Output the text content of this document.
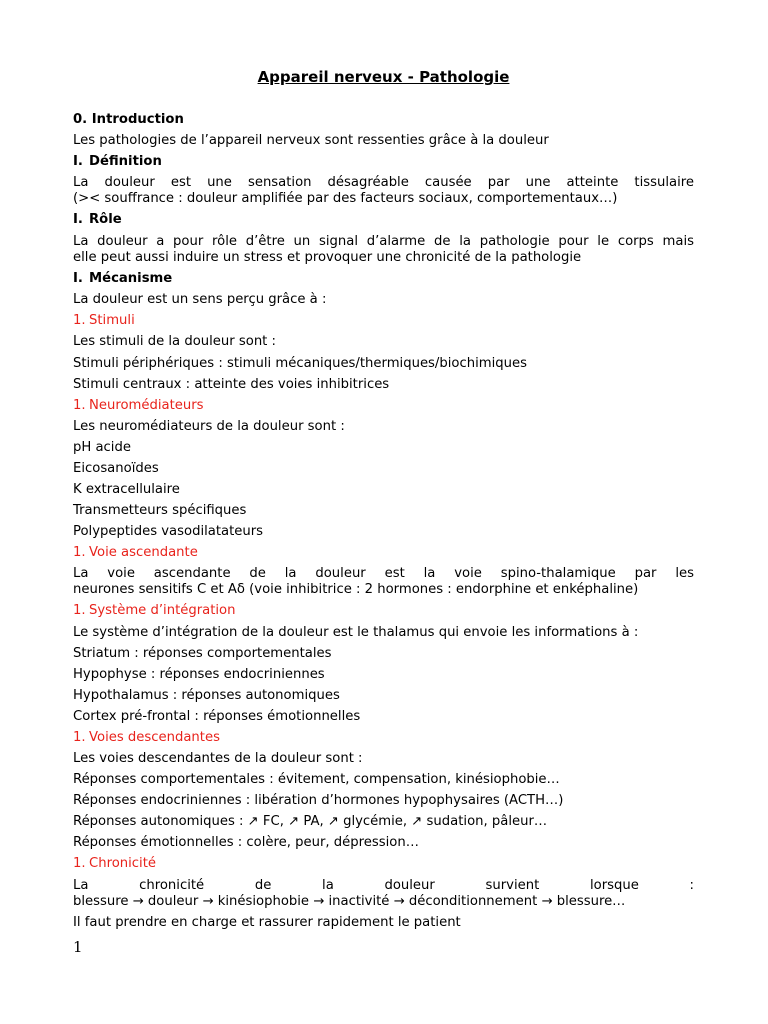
Appareil nerveux - Pathologie
0. Introduction
Les pathologies de l’appareil nerveux sont ressenties grâce à la douleur
I. Définition
La douleur est une sensation désagréable causée par une atteinte tissulaire
(>< souffrance : douleur amplifiée par des facteurs sociaux, comportementaux…)
I. Rôle
La douleur a pour rôle d’être un signal d’alarme de la pathologie pour le corps mais
elle peut aussi induire un stress et provoquer une chronicité de la pathologie
I. Mécanisme
La douleur est un sens perçu grâce à :
1. Stimuli
Les stimuli de la douleur sont :
Stimuli périphériques : stimuli mécaniques/thermiques/biochimiques
Stimuli centraux : atteinte des voies inhibitrices
1. Neuromédiateurs
Les neuromédiateurs de la douleur sont :
pH acide
Eicosanoïdes
K extracellulaire
Transmetteurs spécifiques
Polypeptides vasodilatateurs
1. Voie ascendante
La voie ascendante de la douleur est la voie spino-thalamique par les
neurones sensitifs C et Aδ (voie inhibitrice : 2 hormones : endorphine et enképhaline)
1. Système d’intégration
Le système d’intégration de la douleur est le thalamus qui envoie les informations à :
Striatum : réponses comportementales
Hypophyse : réponses endocriniennes
Hypothalamus : réponses autonomiques
Cortex pré-frontal : réponses émotionnelles
1. Voies descendantes
Les voies descendantes de la douleur sont :
Réponses comportementales : évitement, compensation, kinésiophobie…
Réponses endocriniennes : libération d’hormones hypophysaires (ACTH…)
Réponses autonomiques : ↗ FC, ↗ PA, ↗ glycémie, ↗ sudation, pâleur…
Réponses émotionnelles : colère, peur, dépression…
1. Chronicité
La chronicité de la douleur survient lorsque :
blessure → douleur → kinésiophobie → inactivité → déconditionnement → blessure…
Il faut prendre en charge et rassurer rapidement le patient
1
